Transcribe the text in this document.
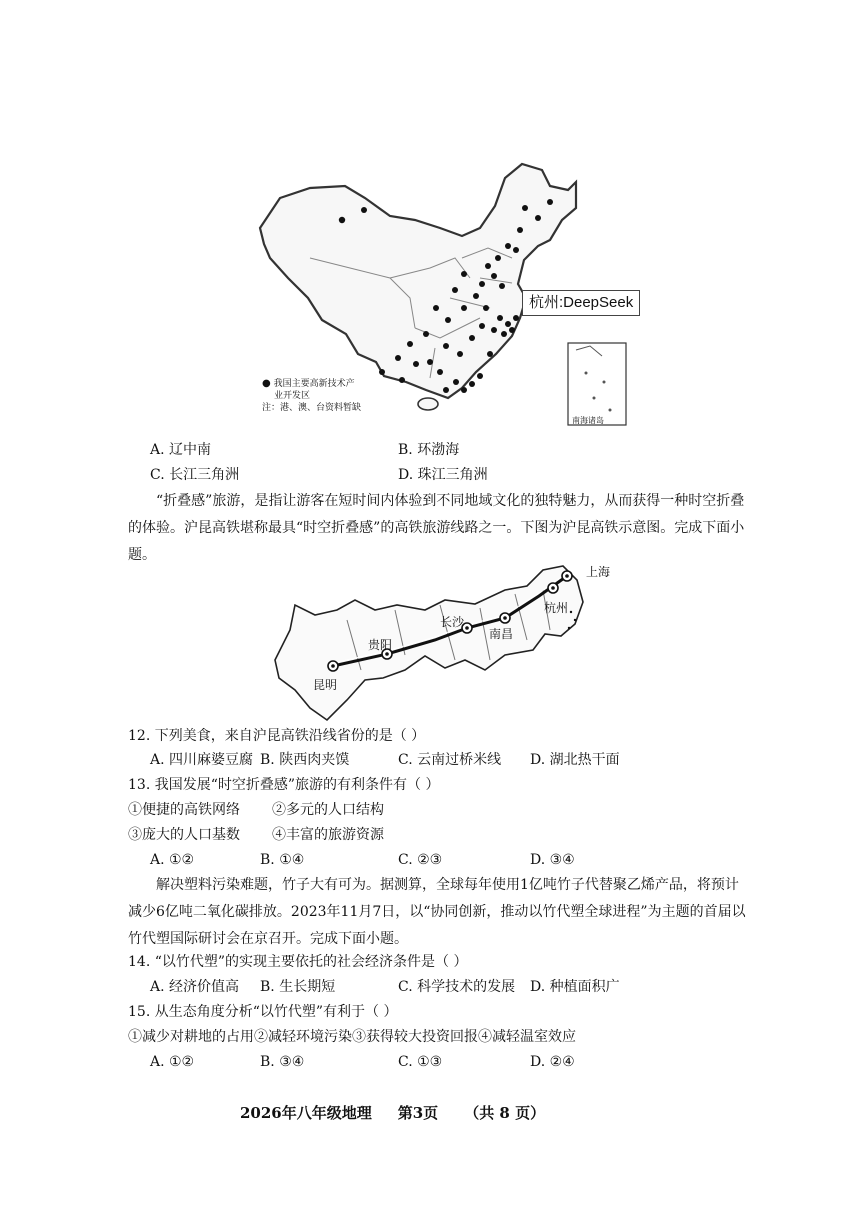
杭州:DeepSeek
● 我国主要高新技术产
业开发区
注：港、澳、台资料暂缺
南海诸岛
A. 辽中南	B. 环渤海
C. 长江三角洲	D. 珠江三角洲
“折叠感”旅游，是指让游客在短时间内体验到不同地域文化的独特魅力，从而获得一种时空折叠的体验。沪昆高铁堪称最具“时空折叠感”的高铁旅游线路之一。下图为沪昆高铁示意图。完成下面小题。
上海
杭州
南昌
长沙
贵阳
昆明
12. 下列美食，来自沪昆高铁沿线省份的是（ ）
A. 四川麻婆豆腐 B. 陕西肉夹馍	C. 云南过桥米线 D. 湖北热干面
13. 我国发展“时空折叠感”旅游的有利条件有（ ）
①便捷的高铁网络 ②多元的人口结构
③庞大的人口基数 ④丰富的旅游资源
A. ①②	B. ①④	C. ②③	D. ③④
解决塑料污染难题，竹子大有可为。据测算，全球每年使用1亿吨竹子代替聚乙烯产品，将预计减少6亿吨二氧化碳排放。2023年11月7日，以“协同创新，推动以竹代塑全球进程”为主题的首届以竹代塑国际研讨会在京召开。完成下面小题。
14. “以竹代塑”的实现主要依托的社会经济条件是（ ）
A. 经济价值高 B. 生长期短	C. 科学技术的发展 D. 种植面积广
15. 从生态角度分析“以竹代塑”有利于（ ）
①减少对耕地的占用②减轻环境污染③获得较大投资回报④减轻温室效应
A. ①②	B. ③④	C. ①③	D. ②④
2026年八年级地理 第3页 （共 8 页）
